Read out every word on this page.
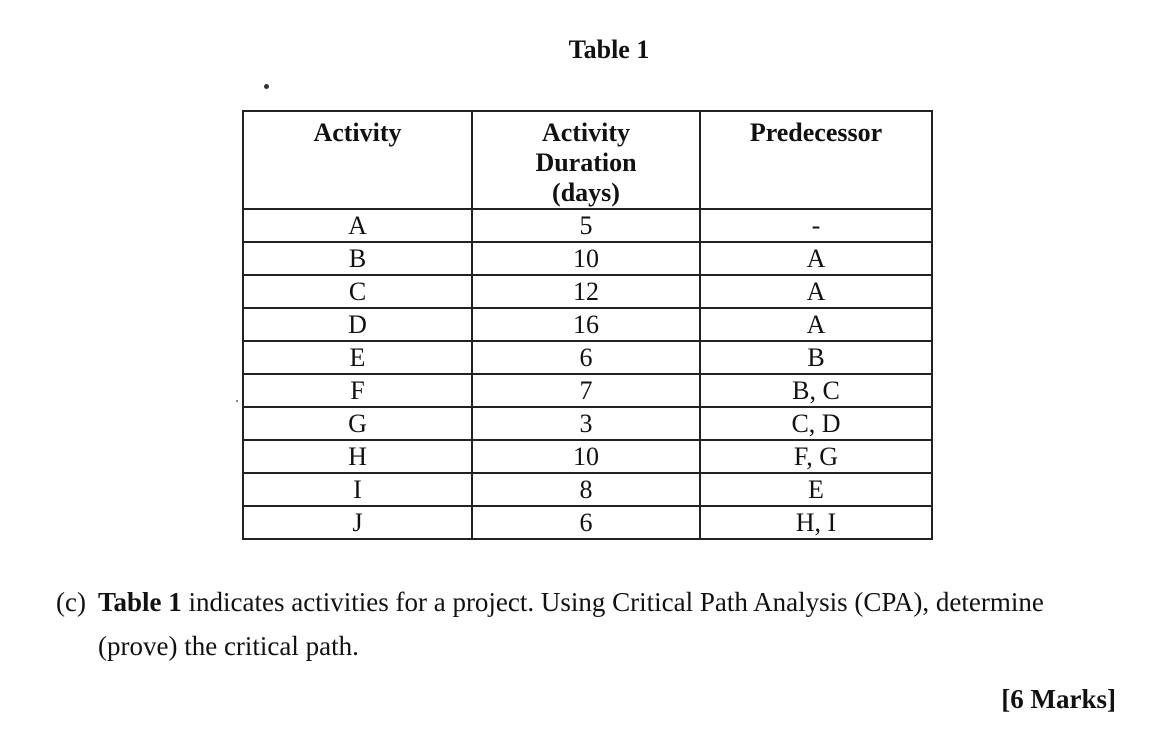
Table 1
Activity	Activity Duration (days)	Predecessor
A	5	-
B	10	A
C	12	A
D	16	A
E	6	B
F	7	B, C
G	3	C, D
H	10	F, G
I	8	E
J	6	H, I
(c) Table 1 indicates activities for a project. Using Critical Path Analysis (CPA), determine
(prove) the critical path.
[6 Marks]
